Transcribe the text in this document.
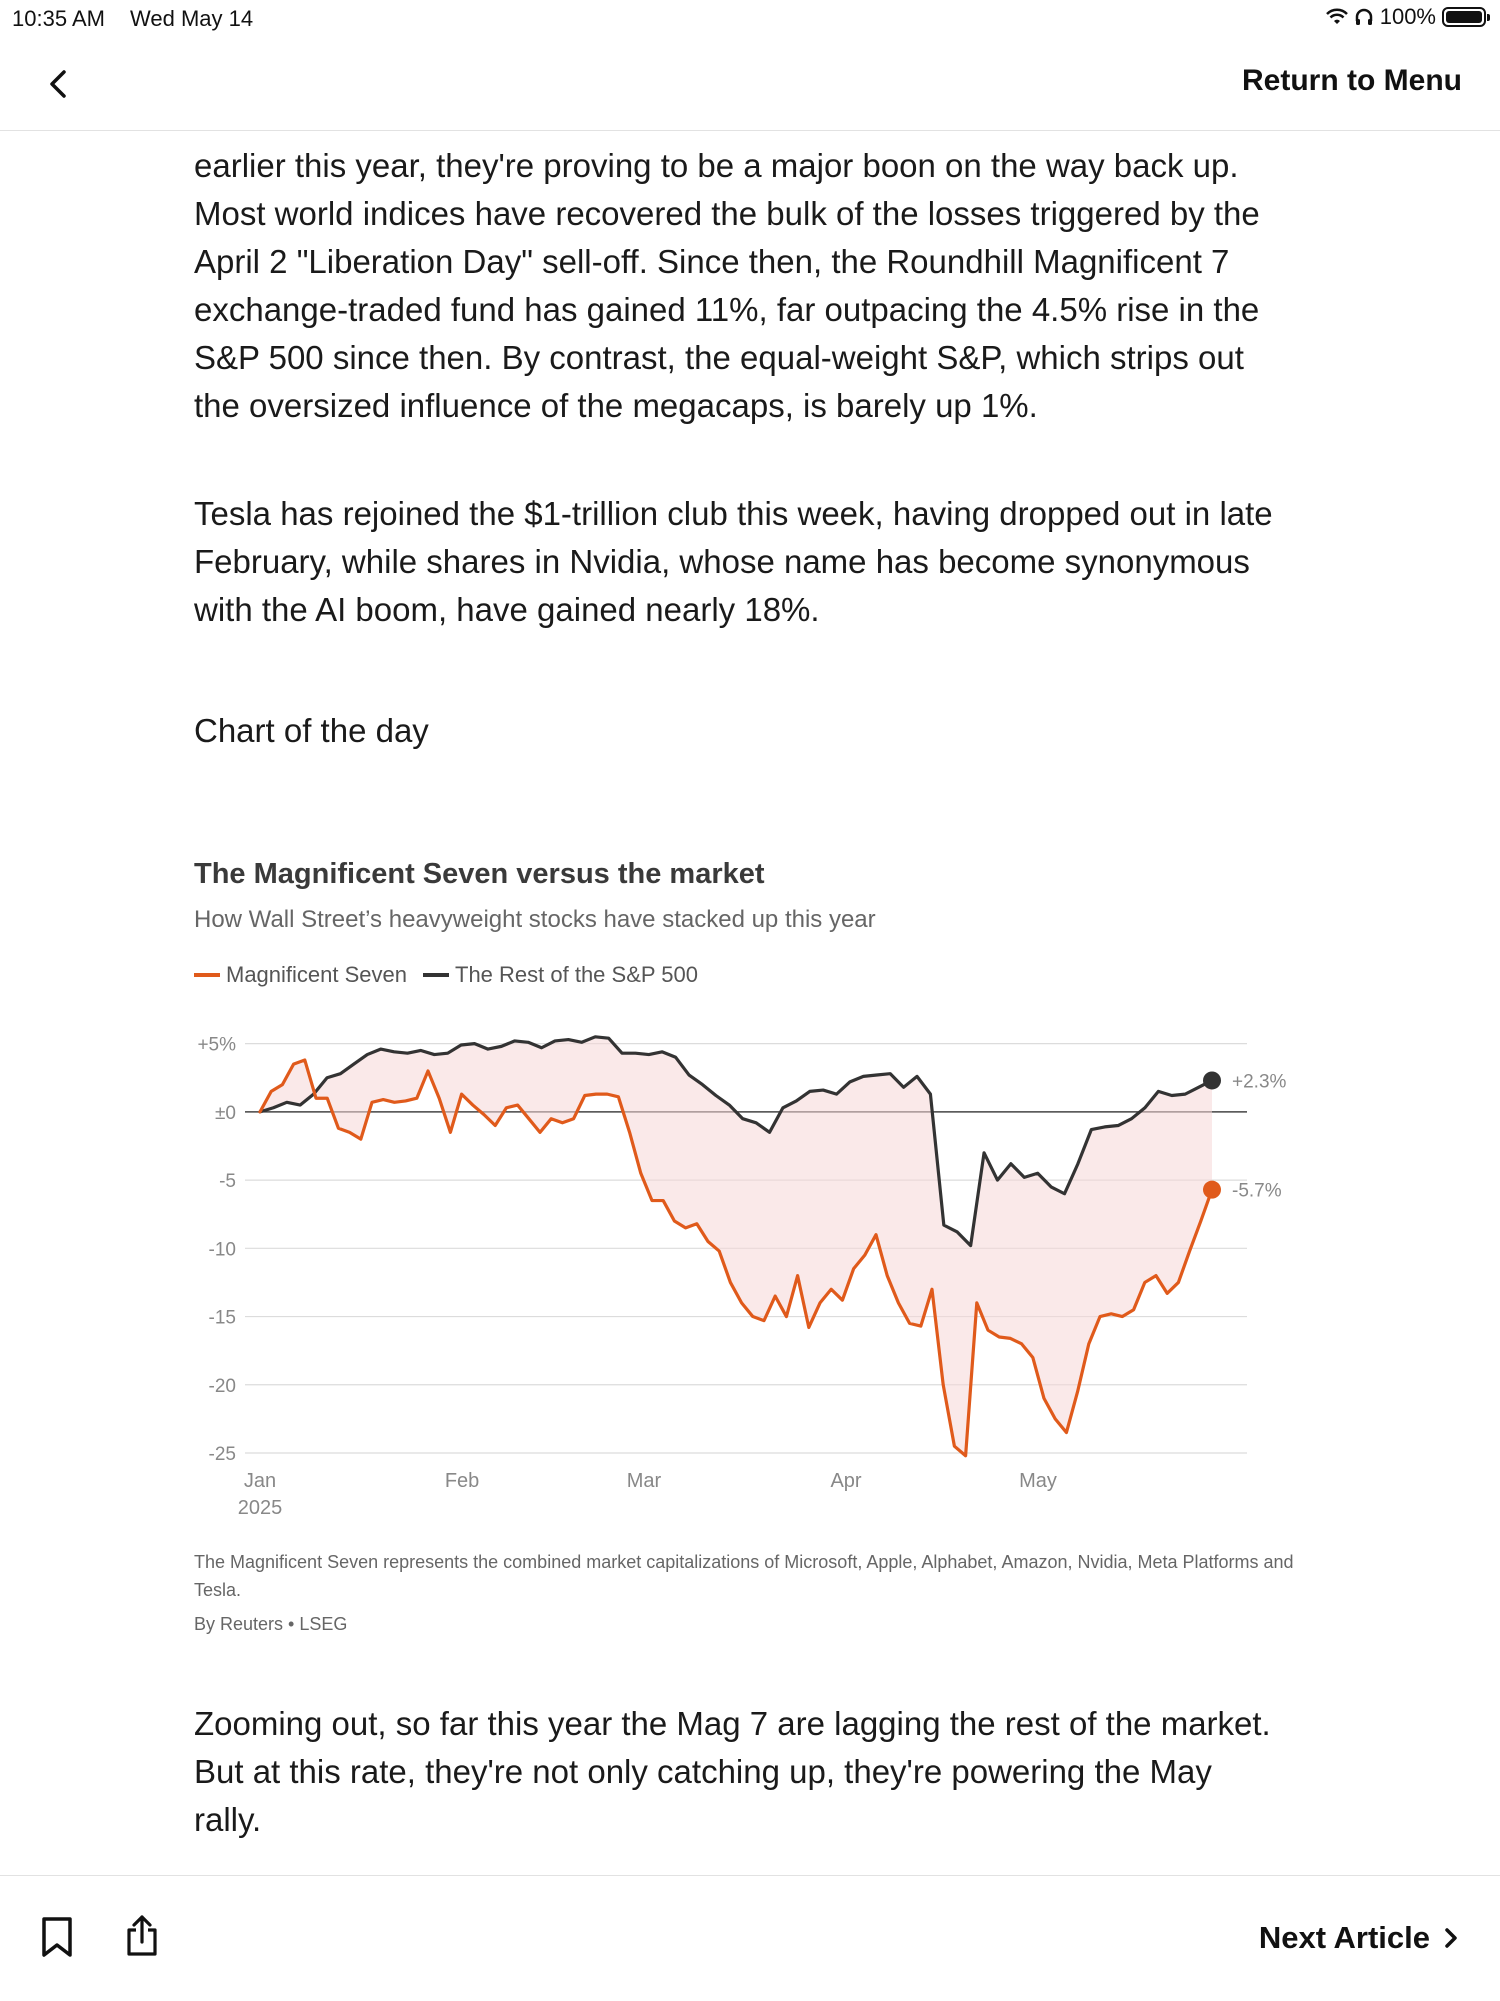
10:35 AM Wed May 14	100%
Return to Menu
earlier this year, they're proving to be a major boon on the way back up.
Most world indices have recovered the bulk of the losses triggered by the
April 2 "Liberation Day" sell-off. Since then, the Roundhill Magnificent 7
exchange-traded fund has gained 11%, far outpacing the 4.5% rise in the
S&P 500 since then. By contrast, the equal-weight S&P, which strips out
the oversized influence of the megacaps, is barely up 1%.
Tesla has rejoined the $1-trillion club this week, having dropped out in late
February, while shares in Nvidia, whose name has become synonymous
with the AI boom, have gained nearly 18%.
Chart of the day
The Magnificent Seven versus the market
How Wall Street’s heavyweight stocks have stacked up this year
Magnificent Seven The Rest of the S&P 500
+5%
±0
-5
-10
-15
-20
-25
Jan	Feb	Mar	Apr	May
2025
-5.7%
+2.3%
The Magnificent Seven represents the combined market capitalizations of Microsoft, Apple, Alphabet, Amazon, Nvidia, Meta Platforms and Tesla.
By Reuters • LSEG
Zooming out, so far this year the Mag 7 are lagging the rest of the market.
But at this rate, they're not only catching up, they're powering the May
rally.
Next Article
